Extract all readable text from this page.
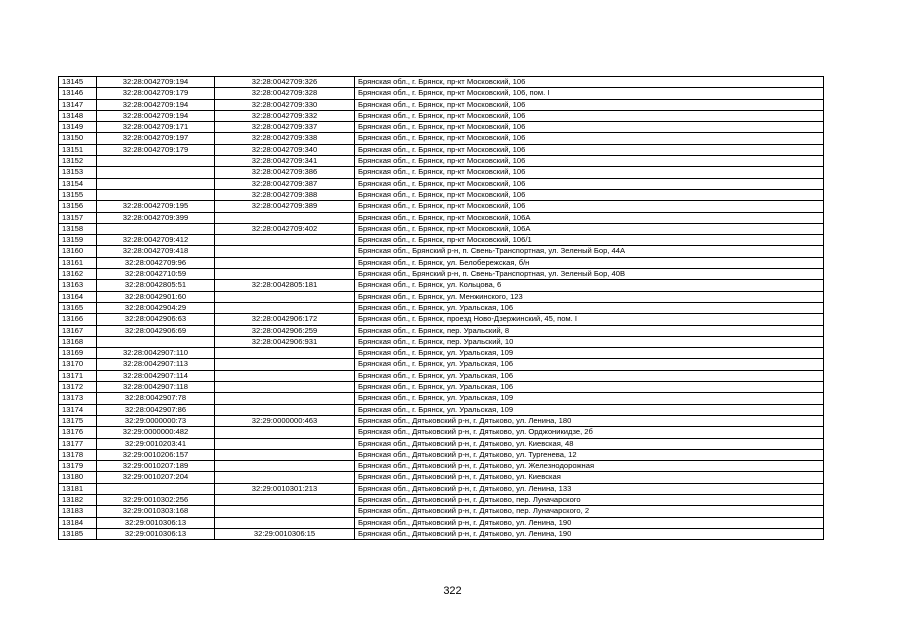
13145	32:28:0042709:194	32:28:0042709:326	Брянская обл., г. Брянск, пр-кт Московский, 106
13146	32:28:0042709:179	32:28:0042709:328	Брянская обл., г. Брянск, пр-кт Московский, 106, пом. I
13147	32:28:0042709:194	32:28:0042709:330	Брянская обл., г. Брянск, пр-кт Московский, 106
13148	32:28:0042709:194	32:28:0042709:332	Брянская обл., г. Брянск, пр-кт Московский, 106
13149	32:28:0042709:171	32:28:0042709:337	Брянская обл., г. Брянск, пр-кт Московский, 106
13150	32:28:0042709:197	32:28:0042709:338	Брянская обл., г. Брянск, пр-кт Московский, 106
13151	32:28:0042709:179	32:28:0042709:340	Брянская обл., г. Брянск, пр-кт Московский, 106
13152		32:28:0042709:341	Брянская обл., г. Брянск, пр-кт Московский, 106
13153		32:28:0042709:386	Брянская обл., г. Брянск, пр-кт Московский, 106
13154		32:28:0042709:387	Брянская обл., г. Брянск, пр-кт Московский, 106
13155		32:28:0042709:388	Брянская обл., г. Брянск, пр-кт Московский, 106
13156	32:28:0042709:195	32:28:0042709:389	Брянская обл., г. Брянск, пр-кт Московский, 106
13157	32:28:0042709:399		Брянская обл., г. Брянск, пр-кт Московский, 106А
13158		32:28:0042709:402	Брянская обл., г. Брянск, пр-кт Московский, 106А
13159	32:28:0042709:412		Брянская обл., г. Брянск, пр-кт Московский, 106/1
13160	32:28:0042709:418		Брянская обл., Брянский р-н, п. Свень-Транспортная, ул. Зеленый Бор, 44А
13161	32:28:0042709:96		Брянская обл., г. Брянск, ул. Белобережская, б/н
13162	32:28:0042710:59		Брянская обл., Брянский р-н, п. Свень-Транспортная, ул. Зеленый Бор, 40В
13163	32:28:0042805:51	32:28:0042805:181	Брянская обл., г. Брянск, ул. Кольцова, 6
13164	32:28:0042901:60		Брянская обл., г. Брянск, ул. Менжинского, 123
13165	32:28:0042904:29		Брянская обл., г. Брянск, ул. Уральская, 106
13166	32:28:0042906:63	32:28:0042906:172	Брянская обл., г. Брянск, проезд Ново-Дзержинский, 45, пом. I
13167	32:28:0042906:69	32:28:0042906:259	Брянская обл., г. Брянск, пер. Уральский, 8
13168		32:28:0042906:931	Брянская обл., г. Брянск, пер. Уральский, 10
13169	32:28:0042907:110		Брянская обл., г. Брянск, ул. Уральская, 109
13170	32:28:0042907:113		Брянская обл., г. Брянск, ул. Уральская, 106
13171	32:28:0042907:114		Брянская обл., г. Брянск, ул. Уральская, 106
13172	32:28:0042907:118		Брянская обл., г. Брянск, ул. Уральская, 106
13173	32:28:0042907:78		Брянская обл., г. Брянск, ул. Уральская, 109
13174	32:28:0042907:86		Брянская обл., г. Брянск, ул. Уральская, 109
13175	32:29:0000000:73	32:29:0000000:463	Брянская обл., Дятьковский р-н, г. Дятьково, ул. Ленина, 180
13176	32:29:0000000:482		Брянская обл., Дятьковский р-н, г. Дятьково, ул. Орджоникидзе, 2б
13177	32:29:0010203:41		Брянская обл., Дятьковский р-н, г. Дятьково, ул. Киевская, 48
13178	32:29:0010206:157		Брянская обл., Дятьковский р-н, г. Дятьково, ул. Тургенева, 12
13179	32:29:0010207:189		Брянская обл., Дятьковский р-н, г. Дятьково, ул. Железнодорожная
13180	32:29:0010207:204		Брянская обл., Дятьковский р-н, г. Дятьково, ул. Киевская
13181		32:29:0010301:213	Брянская обл., Дятьковский р-н, г. Дятьково, ул. Ленина, 133
13182	32:29:0010302:256		Брянская обл., Дятьковский р-н, г. Дятьково, пер. Луначарского
13183	32:29:0010303:168		Брянская обл., Дятьковский р-н, г. Дятьково, пер. Луначарского, 2
13184	32:29:0010306:13		Брянская обл., Дятьковский р-н, г. Дятьково, ул. Ленина, 190
13185	32:29:0010306:13	32:29:0010306:15	Брянская обл., Дятьковский р-н, г. Дятьково, ул. Ленина, 190
322
